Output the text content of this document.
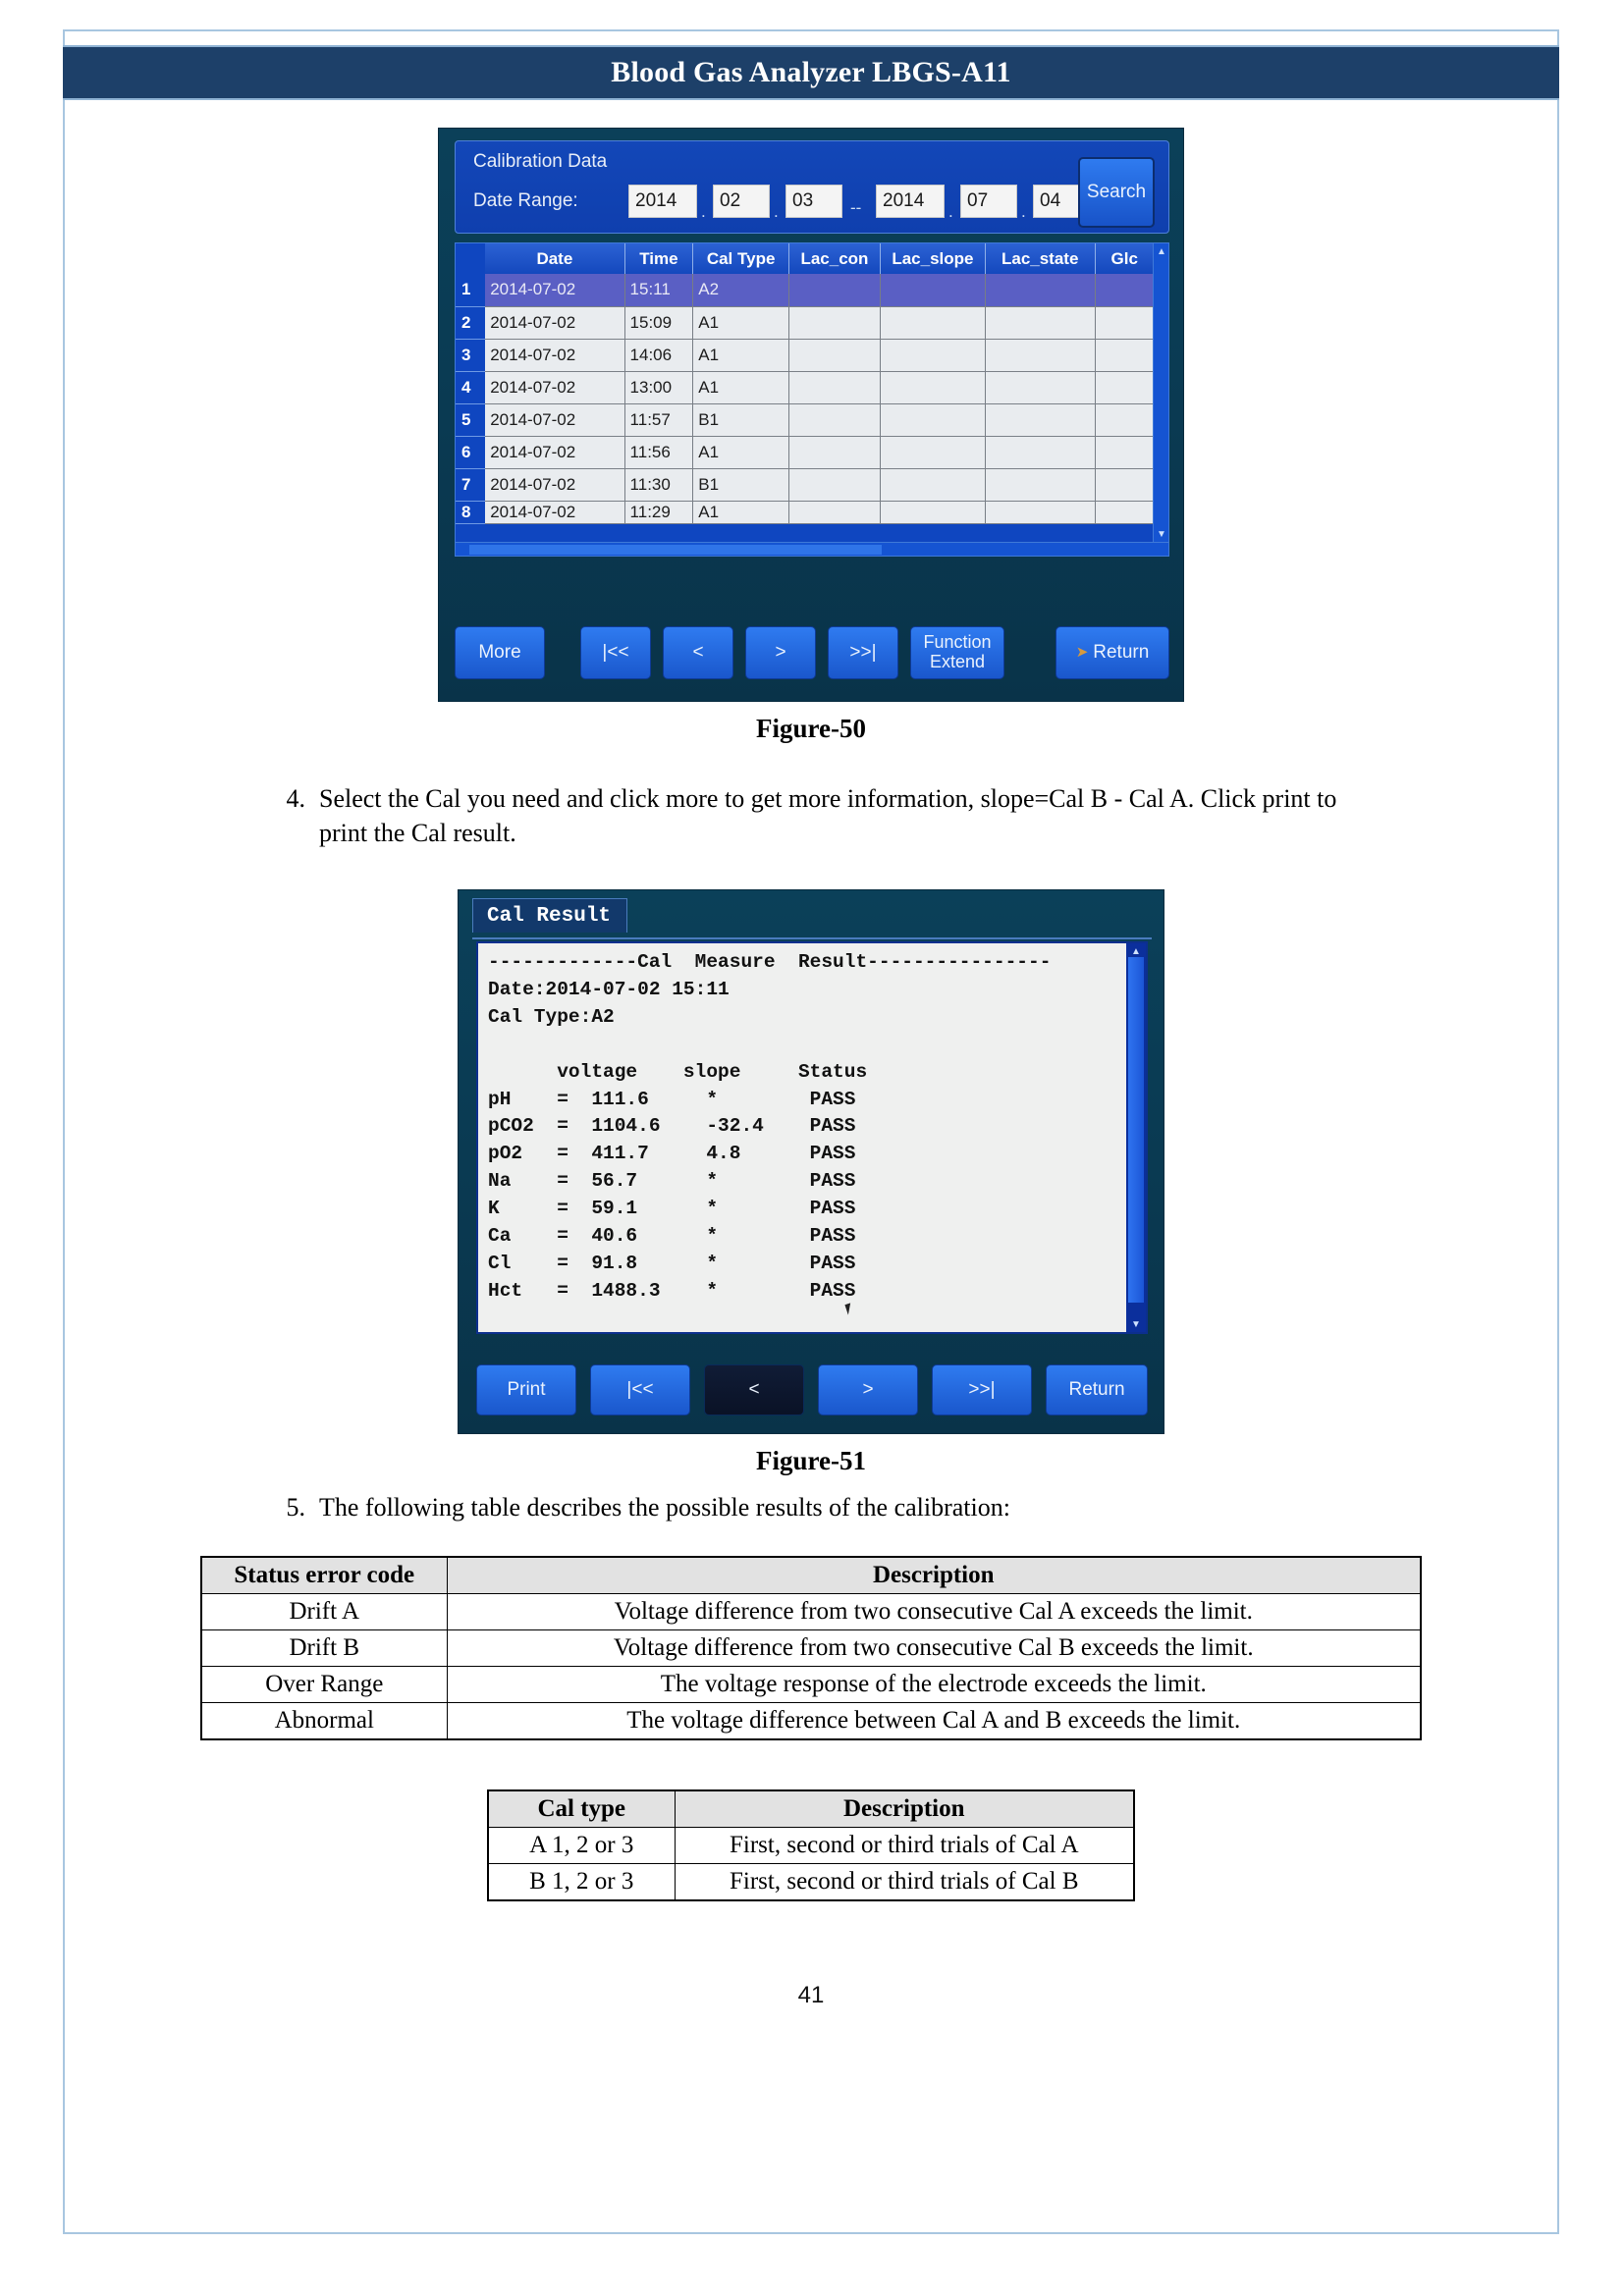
Blood Gas Analyzer LBGS-A11
Calibration Data
Date Range:	2014
.
02
.
03	--	2014
.
07
.
04	Search
	Date	Time	Cal Type	Lac_con	Lac_slope	Lac_state	Glc
1	2014-07-02	15:11	A2				
2	2014-07-02	15:09	A1				
3	2014-07-02	14:06	A1				
4	2014-07-02	13:00	A1				
5	2014-07-02	11:57	B1				
6	2014-07-02	11:56	A1				
7	2014-07-02	11:30	B1				
8	2014-07-02	11:29	A1				
▲
▼
More	|<<	<	>	>>|	Function
Extend	➤ Return
Figure-50
4. Select the Cal you need and click more to get more information, slope=Cal B - Cal A. Click print to print the Cal result.
Cal Result
-------------Cal  Measure  Result----------------
Date:2014-07-02 15:11
Cal Type:A2

voltage    slope     Status
pH    =  111.6     *        PASS
pCO2  =  1104.6    -32.4    PASS
pO2   =  411.7     4.8      PASS
Na    =  56.7      *        PASS
K     =  59.1      *        PASS
Ca    =  40.6      *        PASS
Cl    =  91.8      *        PASS
Hct   =  1488.3    *        PASS
▲
▼
Print	|<<	<	>	>>|	Return
Figure-51
5. The following table describes the possible results of the calibration:
Status error code	Description
Drift A	Voltage difference from two consecutive Cal A exceeds the limit.
Drift B	Voltage difference from two consecutive Cal B exceeds the limit.
Over Range	The voltage response of the electrode exceeds the limit.
Abnormal	The voltage difference between Cal A and B exceeds the limit.
Cal type	Description
A 1, 2 or 3	First, second or third trials of Cal A
B 1, 2 or 3	First, second or third trials of Cal B
41
